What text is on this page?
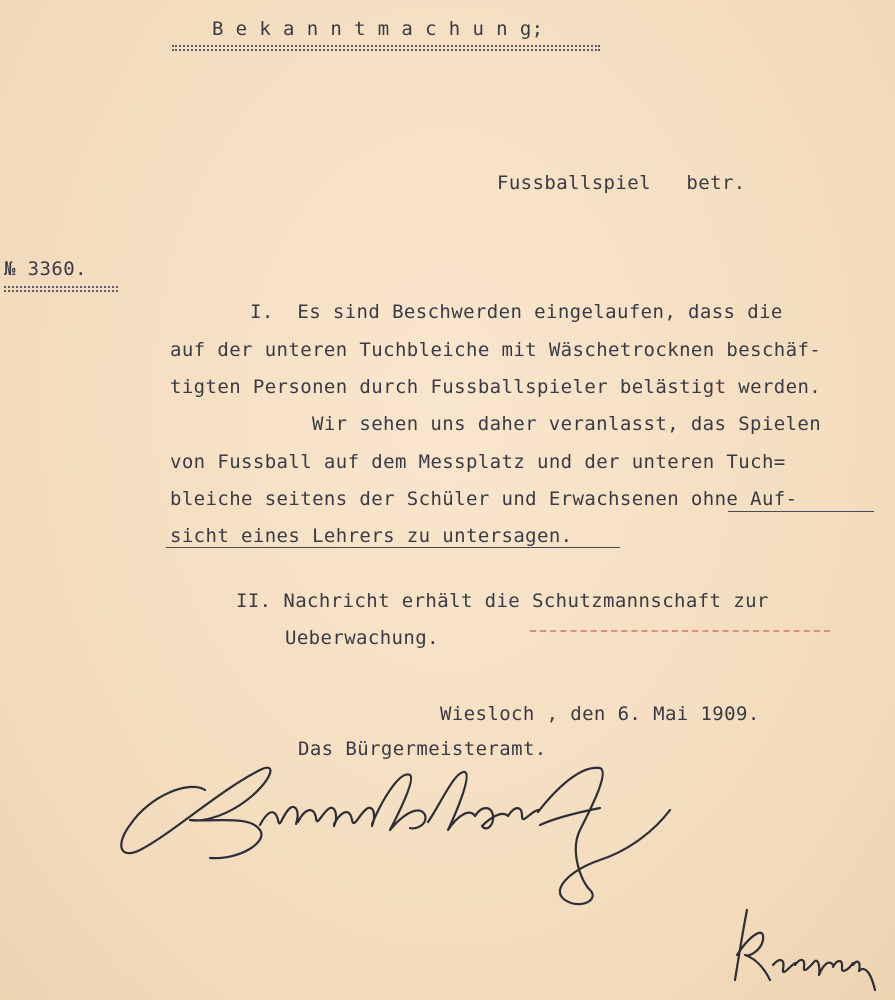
B e k a n n t m a c h u n g;
Fussballspiel   betr.
№ 3360.
I.  Es sind Beschwerden eingelaufen, dass die
auf der unteren Tuchbleiche mit Wäschetrocknen beschäf-
tigten Personen durch Fussballspieler belästigt werden.
Wir sehen uns daher veranlasst, das Spielen
von Fussball auf dem Messplatz und der unteren Tuch=
bleiche seitens der Schüler und Erwachsenen ohne Auf-
sicht eines Lehrers zu untersagen.
II. Nachricht erhält die Schutzmannschaft zur
Ueberwachung.
Wiesloch , den 6. Mai 1909.
Das Bürgermeisteramt.
